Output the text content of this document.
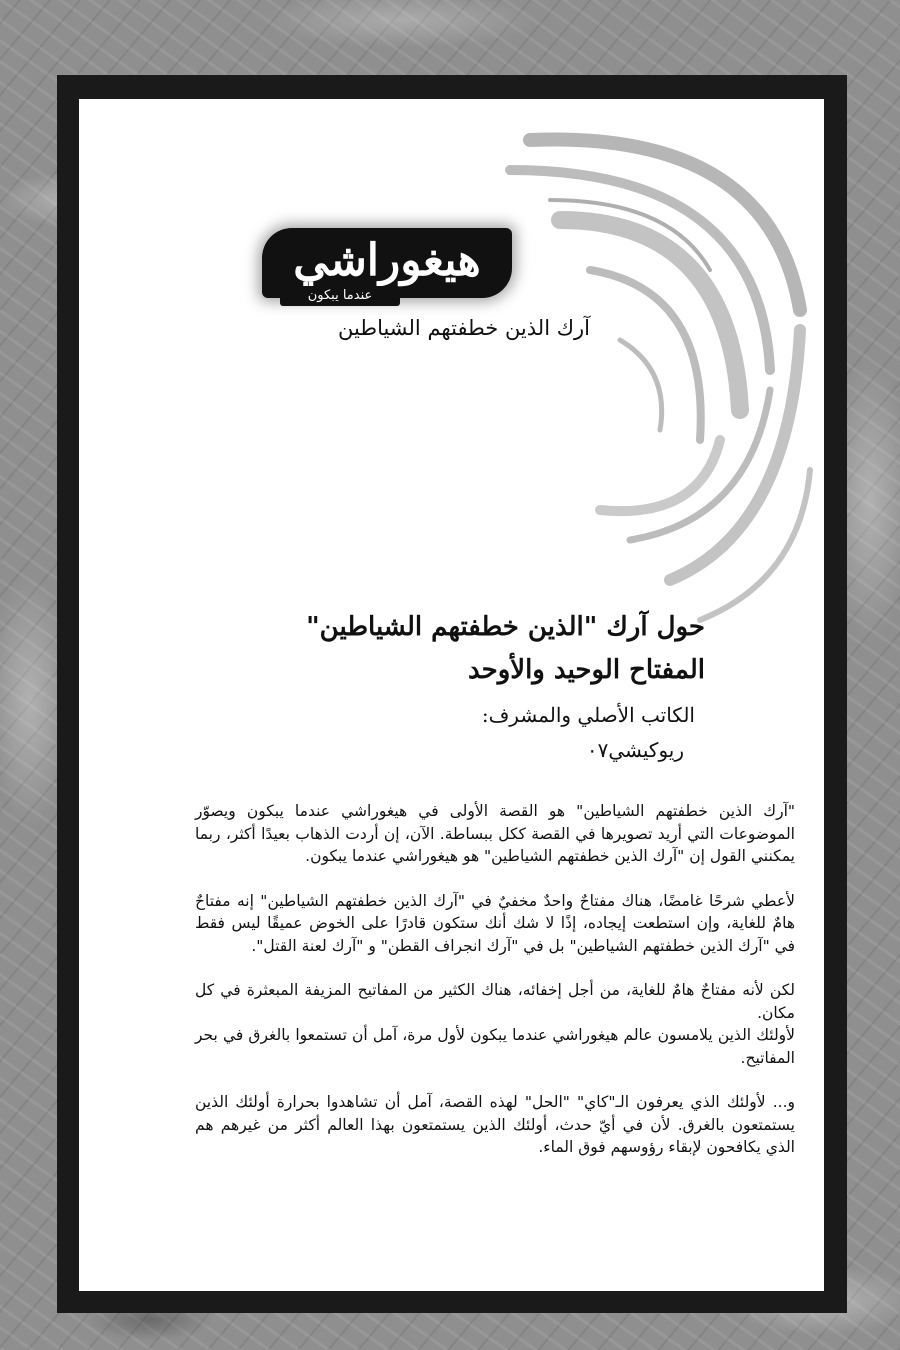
هيغوراشي
عندما يبكون
آرك الذين خطفتهم الشياطين
حول آرك "الذين خطفتهم الشياطين"
المفتاح الوحيد والأوحد
الكاتب الأصلي والمشرف:
ريوكيشي٠٧

"آرك الذين خطفتهم الشياطين" هو القصة الأولى في هيغوراشي عندما يبكون ويصوّر الموضوعات التي أريد تصويرها في القصة ككل ببساطة. الآن، إن أردت الذهاب بعيدًا أكثر، ربما يمكنني القول إن "آرك الذين خطفتهم الشياطين" هو هيغوراشي عندما يبكون.

لأعطي شرحًا غامضًا، هناك مفتاحٌ واحدٌ مخفيٌ في "آرك الذين خطفتهم الشياطين" إنه مفتاحٌ هامٌ للغاية، وإن استطعت إيجاده، إذًا لا شك أنك ستكون قادرًا على الخوض عميقًا ليس فقط في "آرك الذين خطفتهم الشياطين" بل في "آرك انجراف القطن" و "آرك لعنة القتل".

لكن لأنه مفتاحٌ هامٌ للغاية، من أجل إخفائه، هناك الكثير من المفاتيح المزيفة المبعثرة في كل مكان.
لأولئك الذين يلامسون عالم هيغوراشي عندما يبكون لأول مرة، آمل أن تستمعوا بالغرق في بحر المفاتيح.

و... لأولئك الذي يعرفون الـ"كاي" "الحل" لهذه القصة، آمل أن تشاهدوا بحرارة أولئك الذين يستمتعون بالغرق. لأن في أيّ حدث، أولئك الذين يستمتعون بهذا العالم أكثر من غيرهم هم الذي يكافحون لإبقاء رؤوسهم فوق الماء.
